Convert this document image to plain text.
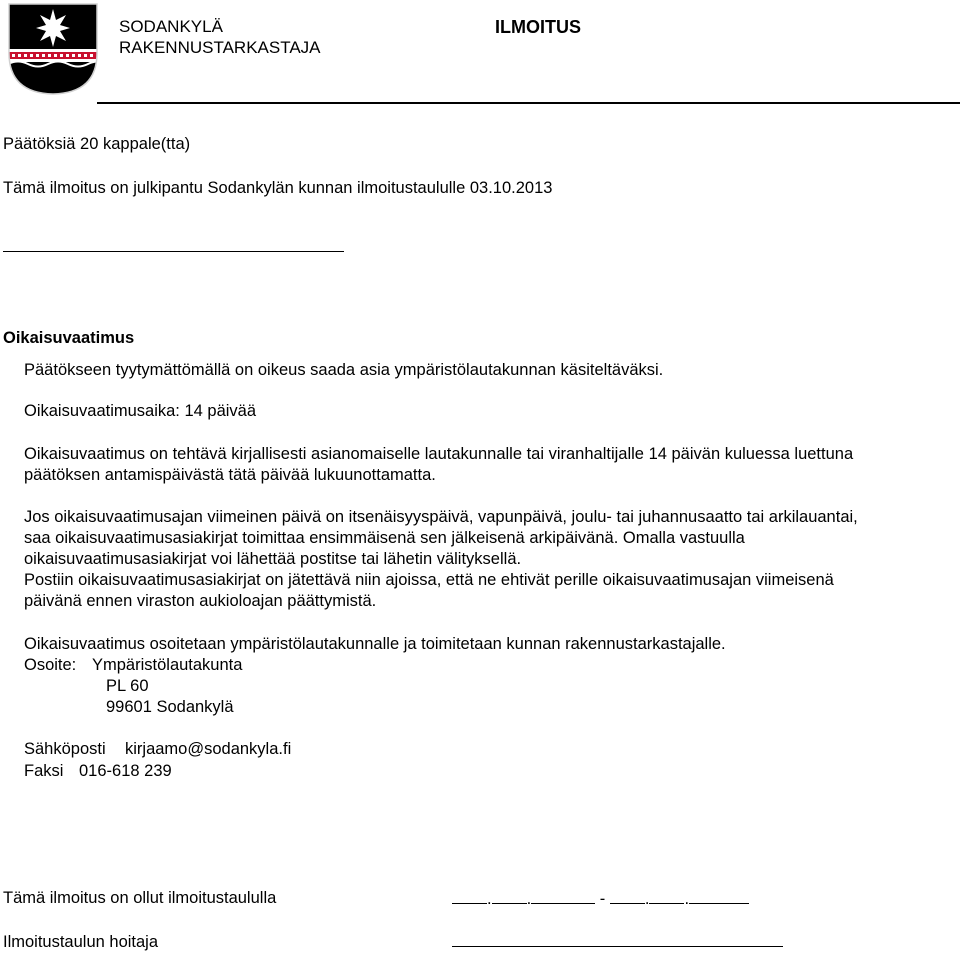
SODANKYLÄ
RAKENNUSTARKASTAJA
ILMOITUS
Päätöksiä 20 kappale(tta)
Tämä ilmoitus on julkipantu Sodankylän kunnan ilmoitustaululle 03.10.2013
Oikaisuvaatimus
Päätökseen tyytymättömällä on oikeus saada asia ympäristölautakunnan käsiteltäväksi.
Oikaisuvaatimusaika: 14 päivää
Oikaisuvaatimus on tehtävä kirjallisesti asianomaiselle lautakunnalle tai viranhaltijalle 14 päivän kuluessa luettuna
päätöksen antamispäivästä tätä päivää lukuunottamatta.
Jos oikaisuvaatimusajan viimeinen päivä on itsenäisyyspäivä, vapunpäivä, joulu- tai juhannusaatto tai arkilauantai,
saa oikaisuvaatimusasiakirjat toimittaa ensimmäisenä sen jälkeisenä arkipäivänä. Omalla vastuulla
oikaisuvaatimusasiakirjat voi lähettää postitse tai lähetin välityksellä.
Postiin oikaisuvaatimusasiakirjat on jätettävä niin ajoissa, että ne ehtivät perille oikaisuvaatimusajan viimeisenä
päivänä ennen viraston aukioloajan päättymistä.
Oikaisuvaatimus osoitetaan ympäristölautakunnalle ja toimitetaan kunnan rakennustarkastajalle.
Osoite: Ympäristölautakunta
PL 60
99601 Sodankylä
Sähköposti kirjaamo@sodankyla.fi
Faksi 016-618 239
Tämä ilmoitus on ollut ilmoitustaululla	. .	- . .
Ilmoitustaulun hoitaja
